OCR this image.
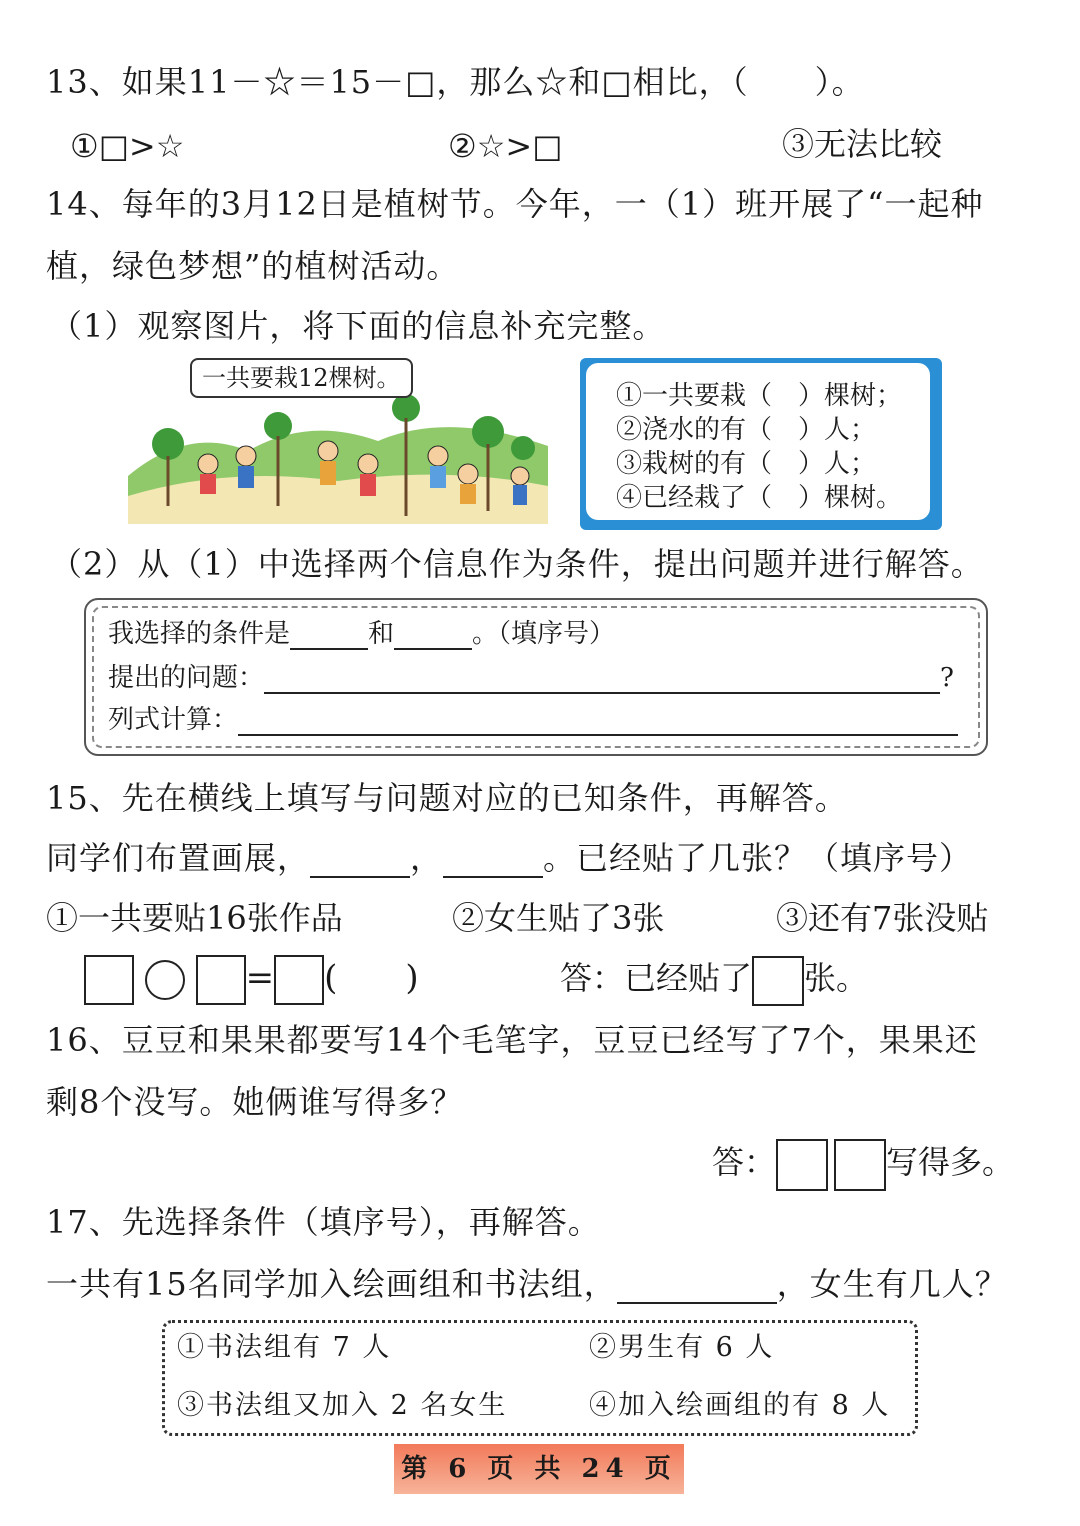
13、如果11－☆＝15－□，那么☆和□相比，（　　）。
①□>☆	②☆>□	③无法比较
14、每年的3月12日是植树节。今年，一（1）班开展了“一起种
植，绿色梦想”的植树活动。
（1）观察图片，将下面的信息补充完整。
一共要栽12棵树。
①一共要栽（　）棵树；
②浇水的有（　）人；
③栽树的有（　）人；
④已经栽了（　）棵树。
（2）从（1）中选择两个信息作为条件，提出问题并进行解答。
我选择的条件是	和	。（填序号）
提出的问题：	?
列式计算：
15、先在横线上填写与问题对应的已知条件，再解答。
同学们布置画展，	，	。已经贴了几张？（填序号）
①一共要贴16张作品	②女生贴了3张	③还有7张没贴
= (　　)	答：已经贴了 张。
16、豆豆和果果都要写14个毛笔字，豆豆已经写了7个，果果还
剩8个没写。她俩谁写得多？
答：	写得多。
17、先选择条件（填序号），再解答。
一共有15名同学加入绘画组和书法组，	，女生有几人？
①书法组有 7 人	②男生有 6 人
③书法组又加入 2 名女生	④加入绘画组的有 8 人
第 6 页 共 24 页
